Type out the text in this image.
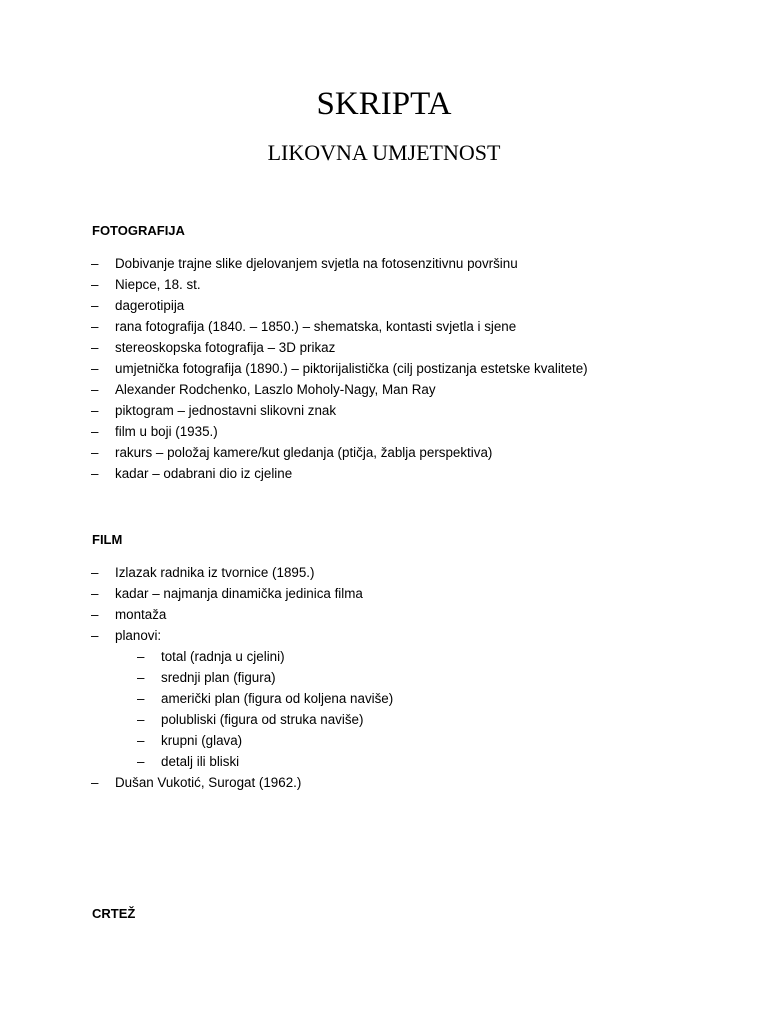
SKRIPTA
LIKOVNA UMJETNOST
FOTOGRAFIJA
– Dobivanje trajne slike djelovanjem svjetla na fotosenzitivnu površinu
– Niepce, 18. st.
– dagerotipija
– rana fotografija (1840. – 1850.) – shematska, kontasti svjetla i sjene
– stereoskopska fotografija – 3D prikaz
– umjetnička fotografija (1890.) – piktorijalistička (cilj postizanja estetske kvalitete)
– Alexander Rodchenko, Laszlo Moholy-Nagy, Man Ray
– piktogram – jednostavni slikovni znak
– film u boji (1935.)
– rakurs – položaj kamere/kut gledanja (ptičja, žablja perspektiva)
– kadar – odabrani dio iz cjeline
FILM
– Izlazak radnika iz tvornice (1895.)
– kadar – najmanja dinamička jedinica filma
– montaža
– planovi:
– total (radnja u cjelini)
– srednji plan (figura)
– američki plan (figura od koljena naviše)
– polubliski (figura od struka naviše)
– krupni (glava)
– detalj ili bliski
– Dušan Vukotić, Surogat (1962.)
CRTEŽ
